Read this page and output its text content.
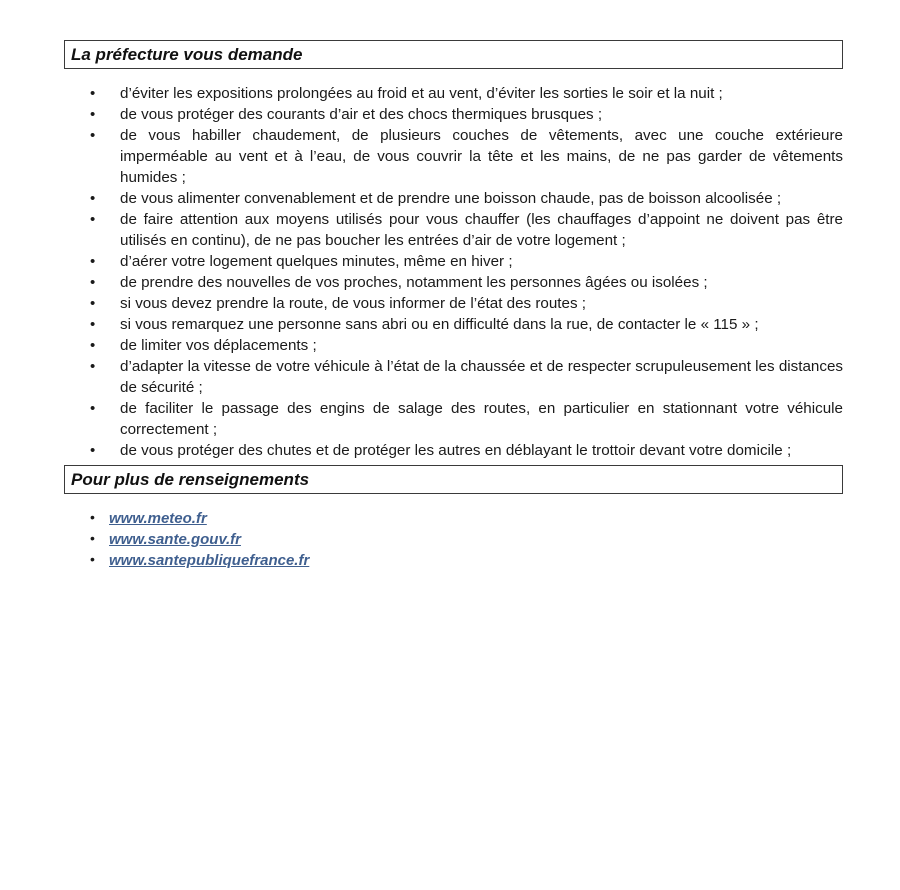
La préfecture vous demande
• d’éviter les expositions prolongées au froid et au vent, d’éviter les sorties le soir et la nuit ;
• de vous protéger des courants d’air et des chocs thermiques brusques ;
• de vous habiller chaudement, de plusieurs couches de vêtements, avec une couche extérieure imperméable au vent et à l’eau, de vous couvrir la tête et les mains, de ne pas garder de vêtements humides ;
• de vous alimenter convenablement et de prendre une boisson chaude, pas de boisson alcoolisée ;
• de faire attention aux moyens utilisés pour vous chauffer (les chauffages d’appoint ne doivent pas être utilisés en continu), de ne pas boucher les entrées d’air de votre logement ;
• d’aérer votre logement quelques minutes, même en hiver ;
• de prendre des nouvelles de vos proches, notamment les personnes âgées ou isolées ;
• si vous devez prendre la route, de vous informer de l’état des routes ;
• si vous remarquez une personne sans abri ou en difficulté dans la rue, de contacter le « 115 » ;
• de limiter vos déplacements ;
• d’adapter la vitesse de votre véhicule à l’état de la chaussée et de respecter scrupuleusement les distances de sécurité ;
• de faciliter le passage des engins de salage des routes, en particulier en stationnant votre véhicule correctement ;
• de vous protéger des chutes et de protéger les autres en déblayant le trottoir devant votre domicile ;
Pour plus de renseignements
• www.meteo.fr
• www.sante.gouv.fr
• www.santepubliquefrance.fr
